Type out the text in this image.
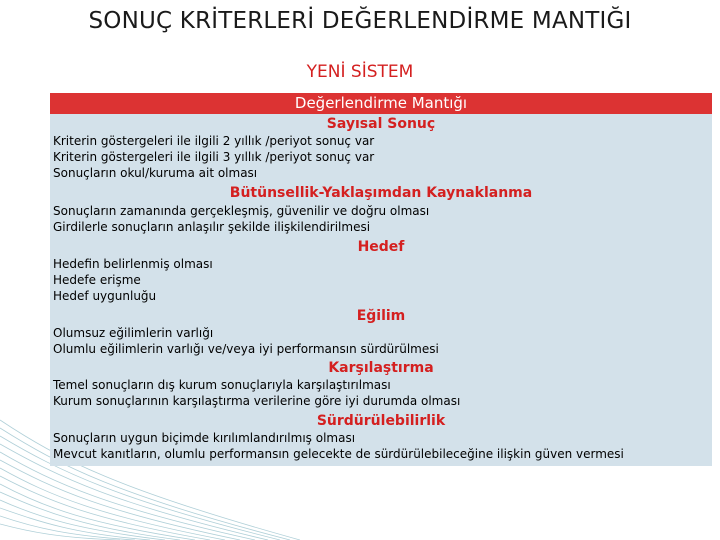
SONUÇ KRİTERLERİ DEĞERLENDİRME MANTIĞI
YENİ SİSTEM
Değerlendirme Mantığı
Sayısal Sonuç
Kriterin göstergeleri ile ilgili 2 yıllık /periyot sonuç var
Kriterin göstergeleri ile ilgili 3 yıllık /periyot sonuç var
Sonuçların okul/kuruma ait olması
Bütünsellik-Yaklaşımdan Kaynaklanma
Sonuçların zamanında gerçekleşmiş, güvenilir ve doğru olması
Girdilerle sonuçların anlaşılır şekilde ilişkilendirilmesi
Hedef
Hedefin belirlenmiş olması
Hedefe erişme
Hedef uygunluğu
Eğilim
Olumsuz eğilimlerin varlığı
Olumlu eğilimlerin varlığı ve/veya iyi performansın sürdürülmesi
Karşılaştırma
Temel sonuçların dış kurum sonuçlarıyla karşılaştırılması
Kurum sonuçlarının karşılaştırma verilerine göre iyi durumda olması
Sürdürülebilirlik
Sonuçların uygun biçimde kırılımlandırılmış olması
Mevcut kanıtların, olumlu performansın gelecekte de sürdürülebileceğine ilişkin güven vermesi
